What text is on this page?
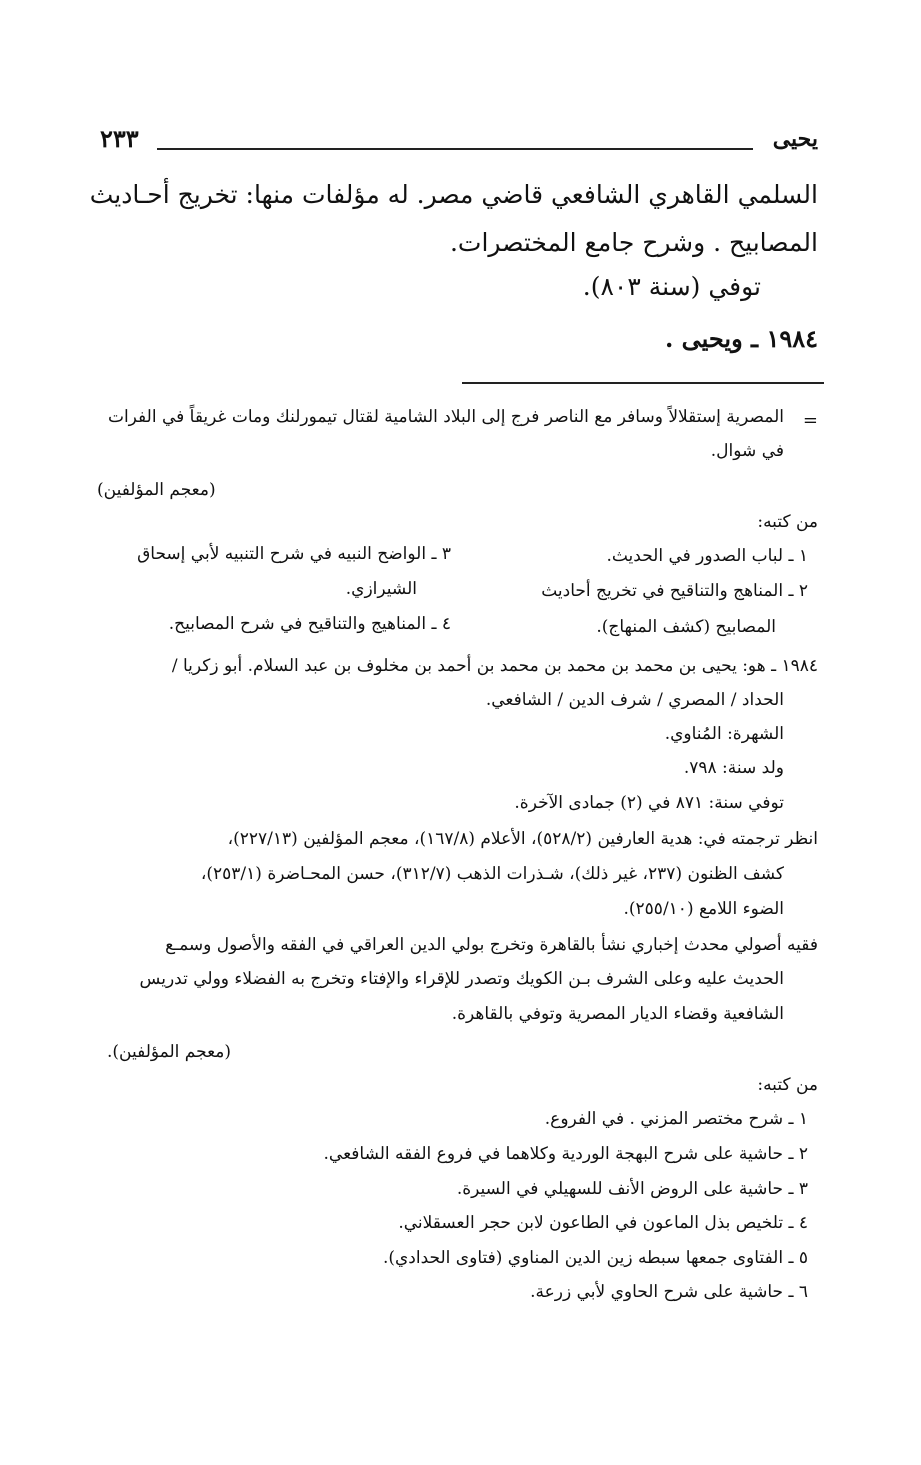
يحيى
٢٣٣
السلمي القاهري الشافعي قاضي مصر. له مؤلفات منها: تخريج أحـاديث
المصابيح . وشرح جامع المختصرات.
توفي (سنة ٨٠٣).
١٩٨٤ ـ ويحيى .
=
المصرية إستقلالاً وسافر مع الناصر فرج إلى البلاد الشامية لقتال تيمورلنك ومات غريقاً في الفرات
في شوال.
(معجم المؤلفين)
من كتبه:
١ ـ لباب الصدور في الحديث.
٢ ـ المناهج والتناقيح في تخريج أحاديث
المصابيح (كشف المنهاج).
٣ ـ الواضح النبيه في شرح التنبيه لأبي إسحاق
الشيرازي.
٤ ـ المناهيج والتناقيح في شرح المصابيح.
١٩٨٤ ـ هو: يحيى بن محمد بن محمد بن محمد بن أحمد بن مخلوف بن عبد السلام. أبو زكريا /
الحداد / المصري / شرف الدين / الشافعي.
الشهرة: المُناوي.
ولد سنة: ٧٩٨.
توفي سنة: ٨٧١ في (٢) جمادى الآخرة.
انظر ترجمته في: هدية العارفين (٥٢٨/٢)، الأعلام (١٦٧/٨)، معجم المؤلفين (٢٢٧/١٣)،
كشف الظنون (٢٣٧، غير ذلك)، شـذرات الذهب (٣١٢/٧)، حسن المحـاضرة (٢٥٣/١)،
الضوء اللامع (٢٥٥/١٠).
فقيه أصولي محدث إخباري نشأ بالقاهرة وتخرج بولي الدين العراقي في الفقه والأصول وسمـع
الحديث عليه وعلى الشرف بـن الكويك وتصدر للإقراء والإفتاء وتخرج به الفضلاء وولي تدريس
الشافعية وقضاء الديار المصرية وتوفي بالقاهرة.
(معجم المؤلفين).
من كتبه:
١ ـ شرح مختصر المزني . في الفروع.
٢ ـ حاشية على شرح البهجة الوردية وكلاهما في فروع الفقه الشافعي.
٣ ـ حاشية على الروض الأنف للسهيلي في السيرة.
٤ ـ تلخيص بذل الماعون في الطاعون لابن حجر العسقلاني.
٥ ـ الفتاوى جمعها سبطه زين الدين المناوي (فتاوى الحدادي).
٦ ـ حاشية على شرح الحاوي لأبي زرعة.
